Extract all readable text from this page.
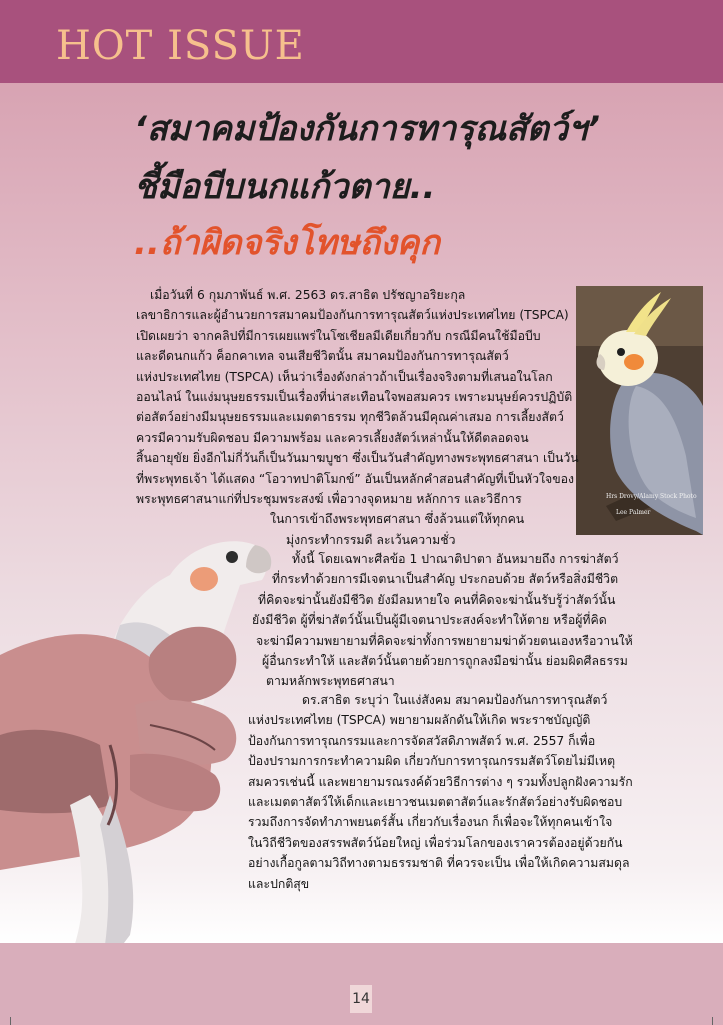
HOT ISSUE
‘สมาคมป้องกันการทารุณสัตว์ฯ’
ชี้มือบีบนกแก้วตาย..
..ถ้าผิดจริงโทษถึงคุก
Hrs Drovy/Alamy Stock Photo
Lee Palmer
เมื่อวันที่ 6 กุมภาพันธ์ พ.ศ. 2563 ดร.สาธิต ปรัชญาอริยะกุล
เลขาธิการและผู้อำนวยการสมาคมป้องกันการทารุณสัตว์แห่งประเทศไทย (TSPCA)
เปิดเผยว่า จากคลิปที่มีการเผยแพร่ในโซเชียลมีเดียเกี่ยวกับ กรณีมีคนใช้มือบีบ
และดีดนกแก้ว ค็อกคาเทล จนเสียชีวิตนั้น สมาคมป้องกันการทารุณสัตว์
แห่งประเทศไทย (TSPCA) เห็นว่าเรื่องดังกล่าวถ้าเป็นเรื่องจริงตามที่เสนอในโลก
ออนไลน์ ในแง่มนุษยธรรมเป็นเรื่องที่น่าสะเทือนใจพอสมควร เพราะมนุษย์ควรปฏิบัติ
ต่อสัตว์อย่างมีมนุษยธรรมและเมตตาธรรม ทุกชีวิตล้วนมีคุณค่าเสมอ การเลี้ยงสัตว์
ควรมีความรับผิดชอบ มีความพร้อม และควรเลี้ยงสัตว์เหล่านั้นให้ดีตลอดจน
สิ้นอายุขัย ยิ่งอีกไม่กี่วันก็เป็นวันมาฆบูชา ซึ่งเป็นวันสำคัญทางพระพุทธศาสนา เป็นวัน
ที่พระพุทธเจ้า ได้แสดง “โอวาทปาติโมกข์” อันเป็นหลักคำสอนสำคัญที่เป็นหัวใจของ
พระพุทธศาสนาแก่ที่ประชุมพระสงฆ์ เพื่อวางจุดหมาย หลักการ และวิธีการ
ในการเข้าถึงพระพุทธศาสนา ซึ่งล้วนแต่ให้ทุกคน
มุ่งกระทำกรรมดี ละเว้นความชั่ว
ทั้งนี้ โดยเฉพาะศีลข้อ 1 ปาณาติปาตา อันหมายถึง การฆ่าสัตว์
ที่กระทำด้วยการมีเจตนาเป็นสำคัญ ประกอบด้วย สัตว์หรือสิ่งมีชีวิต
ที่คิดจะฆ่านั้นยังมีชีวิต ยังมีลมหายใจ คนที่คิดจะฆ่านั้นรับรู้ว่าสัตว์นั้น
ยังมีชีวิต ผู้ที่ฆ่าสัตว์นั้นเป็นผู้มีเจตนาประสงค์จะทำให้ตาย หรือผู้ที่คิด
จะฆ่ามีความพยายามที่คิดจะฆ่าทั้งการพยายามฆ่าด้วยตนเองหรือวานให้
ผู้อื่นกระทำให้ และสัตว์นั้นตายด้วยการถูกลงมือฆ่านั้น ย่อมผิดศีลธรรม
ตามหลักพระพุทธศาสนา
ดร.สาธิต ระบุว่า ในแง่สังคม สมาคมป้องกันการทารุณสัตว์
แห่งประเทศไทย (TSPCA) พยายามผลักดันให้เกิด พระราชบัญญัติ
ป้องกันการทารุณกรรมและการจัดสวัสดิภาพสัตว์ พ.ศ. 2557 ก็เพื่อ
ป้องปรามการกระทำความผิด เกี่ยวกับการทารุณกรรมสัตว์โดยไม่มีเหตุ
สมควรเช่นนี้ และพยายามรณรงค์ด้วยวิธีการต่าง ๆ รวมทั้งปลูกฝังความรัก
และเมตตาสัตว์ให้เด็กและเยาวชนเมตตาสัตว์และรักสัตว์อย่างรับผิดชอบ
รวมถึงการจัดทำภาพยนตร์สั้น เกี่ยวกับเรื่องนก ก็เพื่อจะให้ทุกคนเข้าใจ
ในวิถีชีวิตของสรรพสัตว์น้อยใหญ่ เพื่อร่วมโลกของเราควรต้องอยู่ด้วยกัน
อย่างเกื้อกูลตามวิถีทางตามธรรมชาติ ที่ควรจะเป็น เพื่อให้เกิดความสมดุล
และปกติสุข
14
